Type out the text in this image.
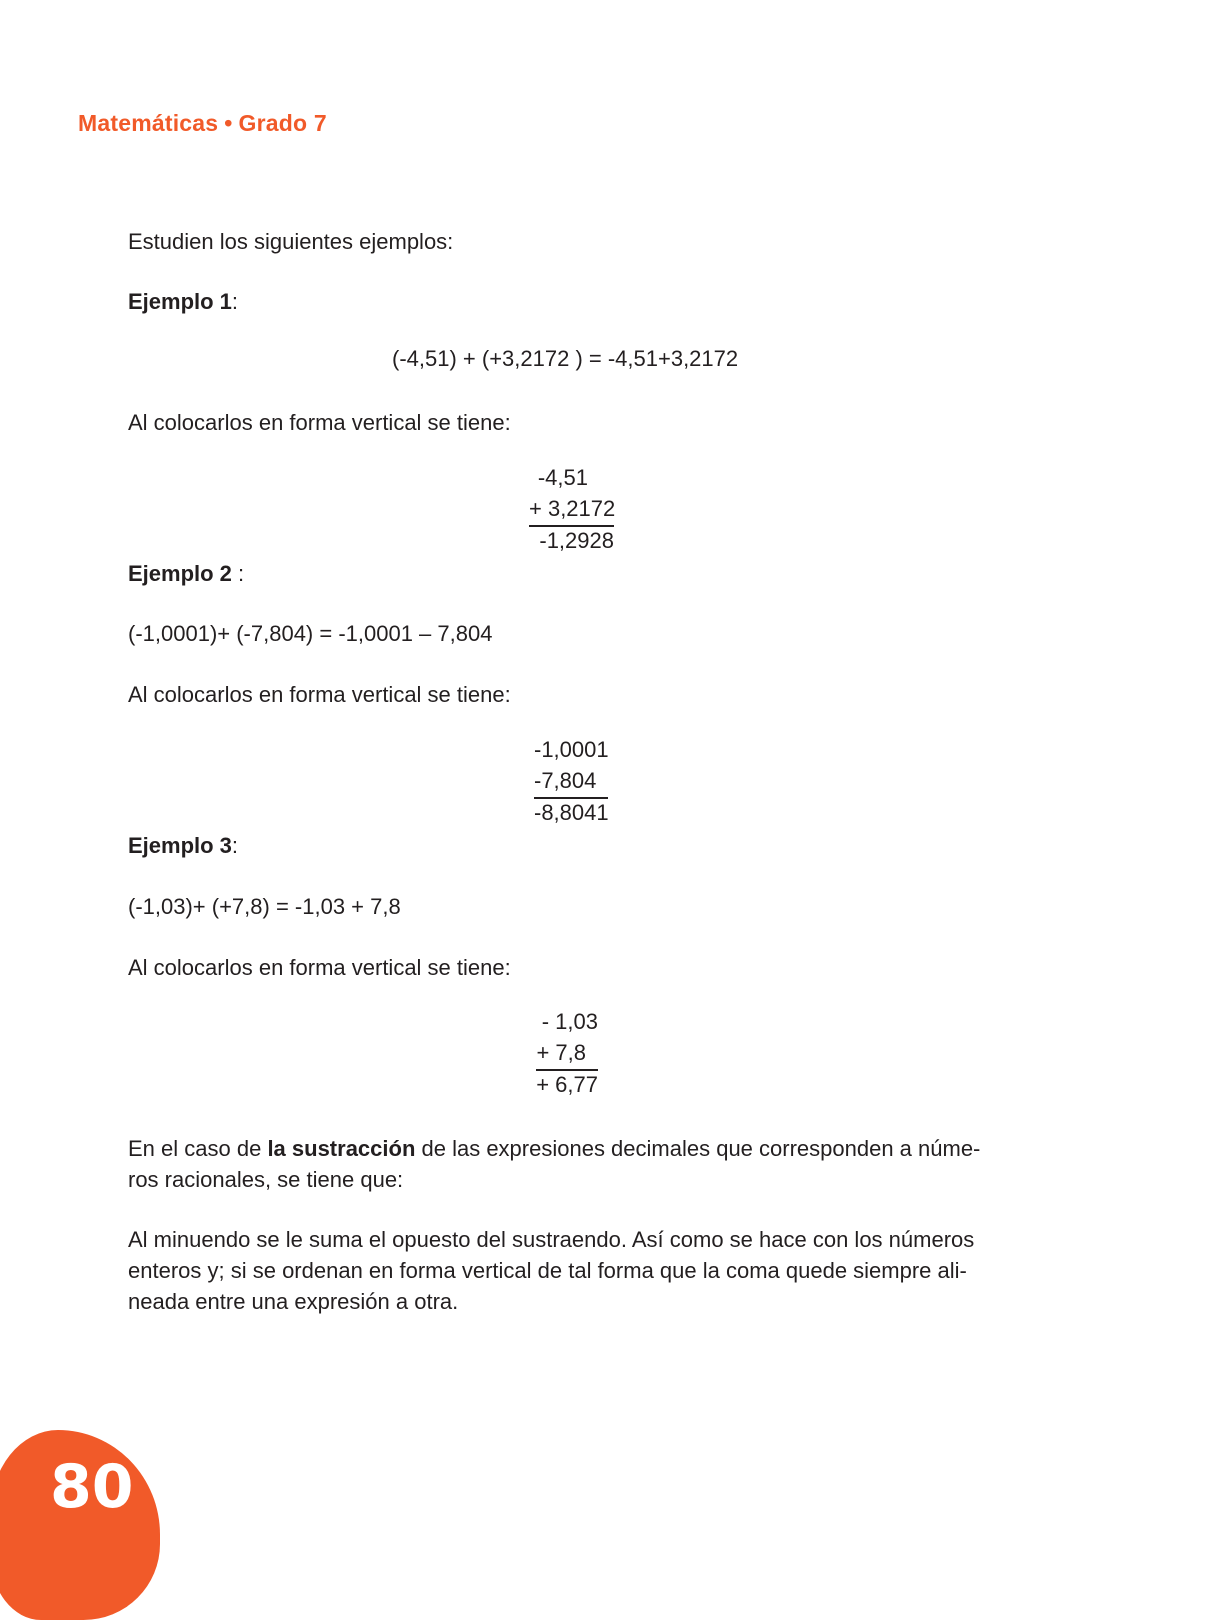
Matemáticas • Grado 7
Estudien los siguientes ejemplos:
Ejemplo 1:
(-4,51) + (+3,2172 ) = -4,51+3,2172
Al colocarlos en forma vertical se tiene:
-4,51
+ 3,2172
-1,2928
Ejemplo 2 :
(-1,0001)+ (-7,804) = -1,0001 – 7,804
Al colocarlos en forma vertical se tiene:
-1,0001
-7,804
-8,8041
Ejemplo 3:
(-1,03)+ (+7,8) = -1,03 + 7,8
Al colocarlos en forma vertical se tiene:
- 1,03
+ 7,8
+ 6,77
En el caso de la sustracción de las expresiones decimales que corresponden a núme-
ros racionales, se tiene que:
Al minuendo se le suma el opuesto del sustraendo. Así como se hace con los números
enteros y; si se ordenan en forma vertical de tal forma que la coma quede siempre ali-
neada entre una expresión a otra.
80
